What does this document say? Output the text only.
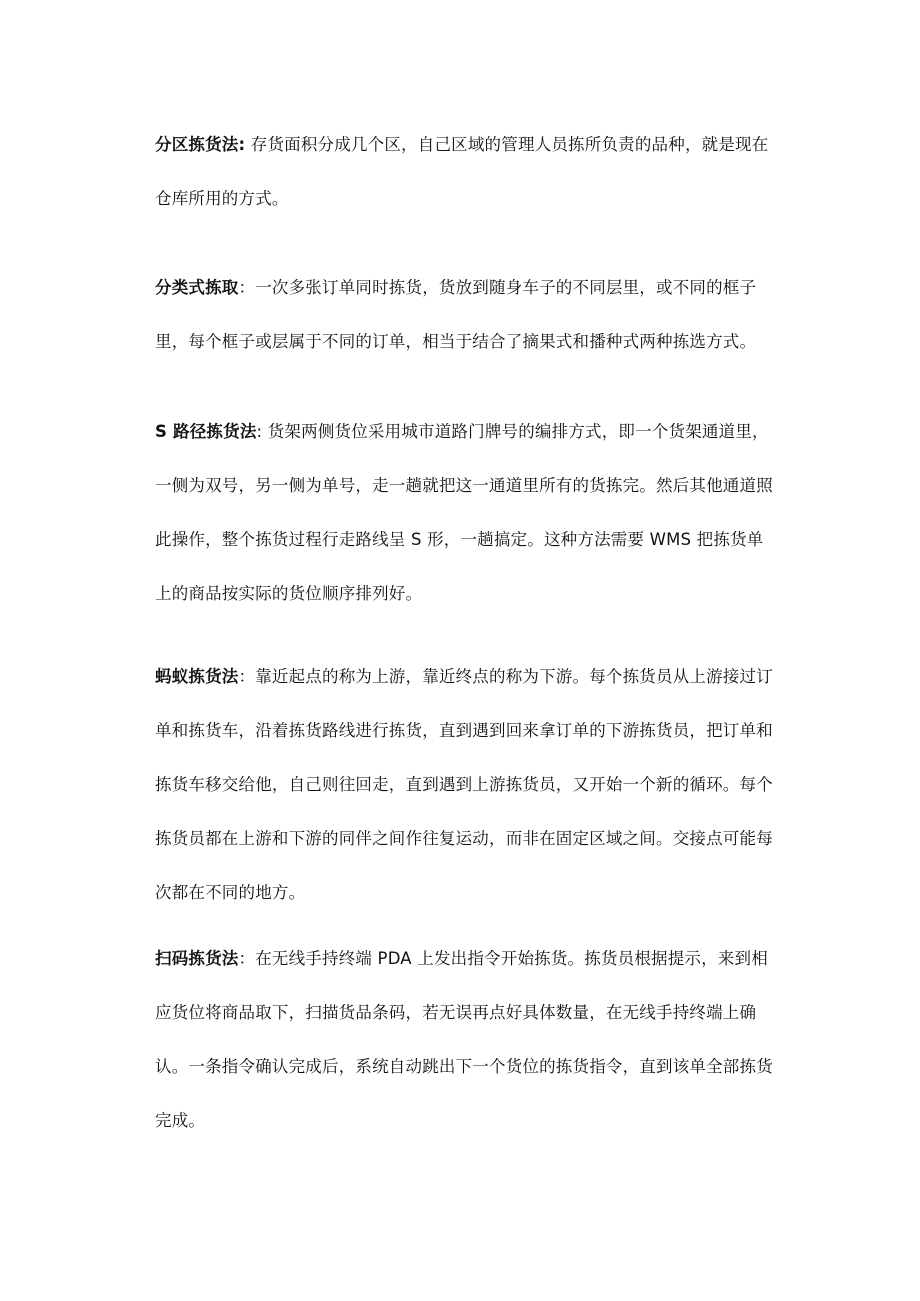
分区拣货法: 存货面积分成几个区，自己区域的管理人员拣所负责的品种，就是现在仓库所用的方式。

分类式拣取：一次多张订单同时拣货，货放到随身车子的不同层里，或不同的框子里，每个框子或层属于不同的订单，相当于结合了摘果式和播种式两种拣选方式。

S 路径拣货法: 货架两侧货位采用城市道路门牌号的编排方式，即一个货架通道里，一侧为双号，另一侧为单号，走一趟就把这一通道里所有的货拣完。然后其他通道照此操作，整个拣货过程行走路线呈 S 形，一趟搞定。这种方法需要 WMS 把拣货单上的商品按实际的货位顺序排列好。

蚂蚁拣货法：靠近起点的称为上游，靠近终点的称为下游。每个拣货员从上游接过订单和拣货车，沿着拣货路线进行拣货，直到遇到回来拿订单的下游拣货员，把订单和拣货车移交给他，自己则往回走，直到遇到上游拣货员，又开始一个新的循环。每个拣货员都在上游和下游的同伴之间作往复运动，而非在固定区域之间。交接点可能每次都在不同的地方。

扫码拣货法：在无线手持终端 PDA 上发出指令开始拣货。拣货员根据提示，来到相应货位将商品取下，扫描货品条码，若无误再点好具体数量，在无线手持终端上确认。一条指令确认完成后，系统自动跳出下一个货位的拣货指令，直到该单全部拣货完成。
